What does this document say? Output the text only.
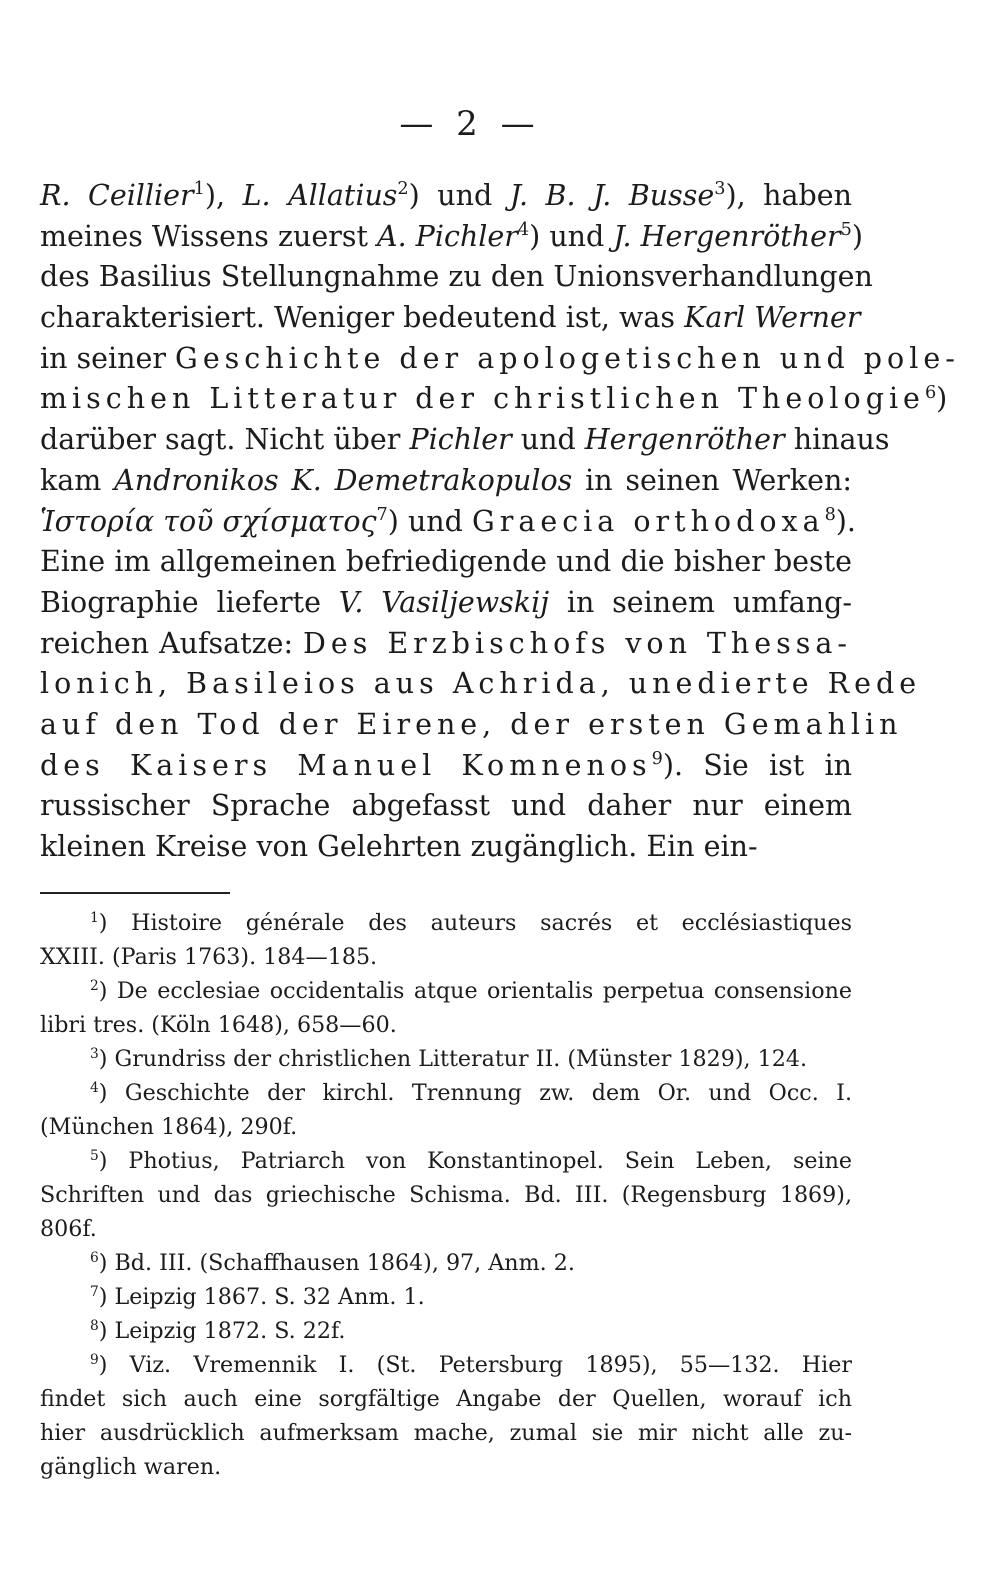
— 2 —
R. Ceillier$^1$), L. Allatius$^2$) und J. B. J. Busse$^3$), haben
meines Wissens zuerst A. Pichler$^4$) und J. Hergenröther$^5$)
des Basilius Stellungnahme zu den Unionsverhandlungen
charakterisiert. Weniger bedeutend ist, was Karl Werner
in seiner Geschichte der apologetischen und pole-
mischen Litteratur der christlichen Theologie$^6$)
darüber sagt. Nicht über Pichler und Hergenröther hinaus
kam Andronikos K. Demetrakopulos in seinen Werken:
Ἱστορία τοῦ σχίσματος$^7$) und Graecia orthodoxa$^8$).
Eine im allgemeinen befriedigende und die bisher beste
Biographie lieferte V. Vasiljewskij in seinem umfang-
reichen Aufsatze: Des Erzbischofs von Thessa-
lonich, Basileios aus Achrida, unedierte Rede
auf den Tod der Eirene, der ersten Gemahlin
des Kaisers Manuel Komnenos$^9$). Sie ist in
russischer Sprache abgefasst und daher nur einem
kleinen Kreise von Gelehrten zugänglich. Ein ein-
$^1$) Histoire générale des auteurs sacrés et ecclésiastiques
XXIII. (Paris 1763). 184—185.
$^2$) De ecclesiae occidentalis atque orientalis perpetua consensione
libri tres. (Köln 1648), 658—60.
$^3$) Grundriss der christlichen Litteratur II. (Münster 1829), 124.
$^4$) Geschichte der kirchl. Trennung zw. dem Or. und Occ. I.
(München 1864), 290f.
$^5$) Photius, Patriarch von Konstantinopel. Sein Leben, seine
Schriften und das griechische Schisma. Bd. III. (Regensburg 1869),
806f.
$^6$) Bd. III. (Schaffhausen 1864), 97, Anm. 2.
$^7$) Leipzig 1867. S. 32 Anm. 1.
$^8$) Leipzig 1872. S. 22f.
$^9$) Viz. Vremennik I. (St. Petersburg 1895), 55—132. Hier
findet sich auch eine sorgfältige Angabe der Quellen, worauf ich
hier ausdrücklich aufmerksam mache, zumal sie mir nicht alle zu-
gänglich waren.
